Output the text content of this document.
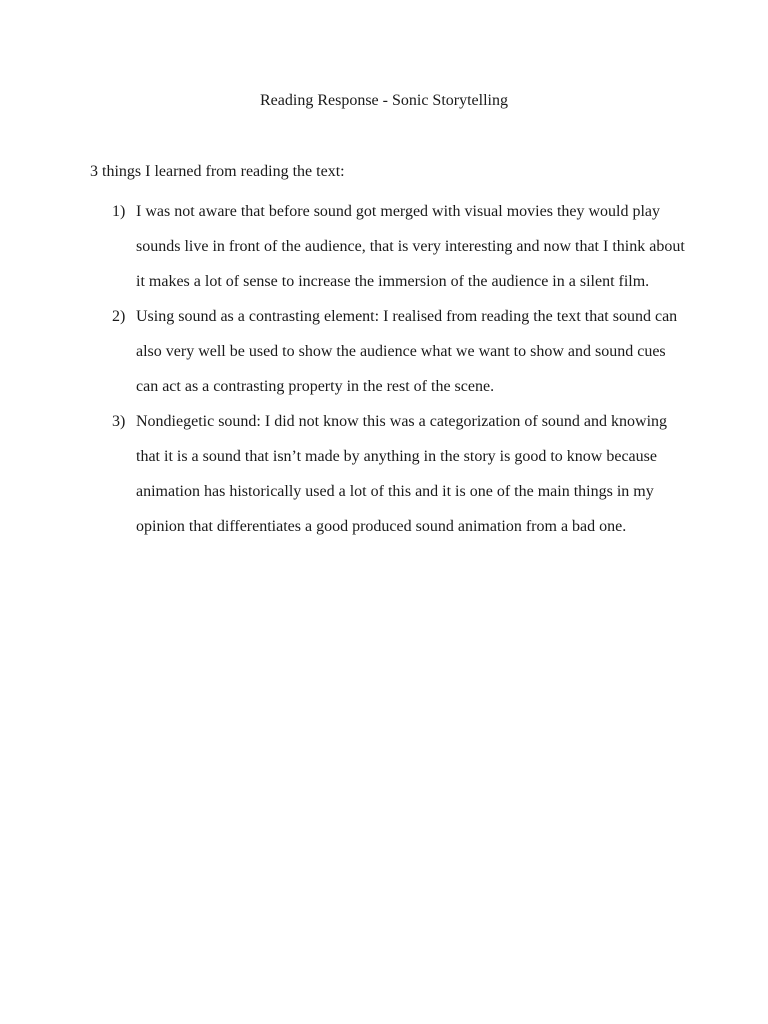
Reading Response - Sonic Storytelling
3 things I learned from reading the text:
1) I was not aware that before sound got merged with visual movies they would play sounds live in front of the audience, that is very interesting and now that I think about it makes a lot of sense to increase the immersion of the audience in a silent film.
2) Using sound as a contrasting element: I realised from reading the text that sound can also very well be used to show the audience what we want to show and sound cues can act as a contrasting property in the rest of the scene.
3) Nondiegetic sound: I did not know this was a categorization of sound and knowing that it is a sound that isn’t made by anything in the story is good to know because animation has historically used a lot of this and it is one of the main things in my opinion that differentiates a good produced sound animation from a bad one.
